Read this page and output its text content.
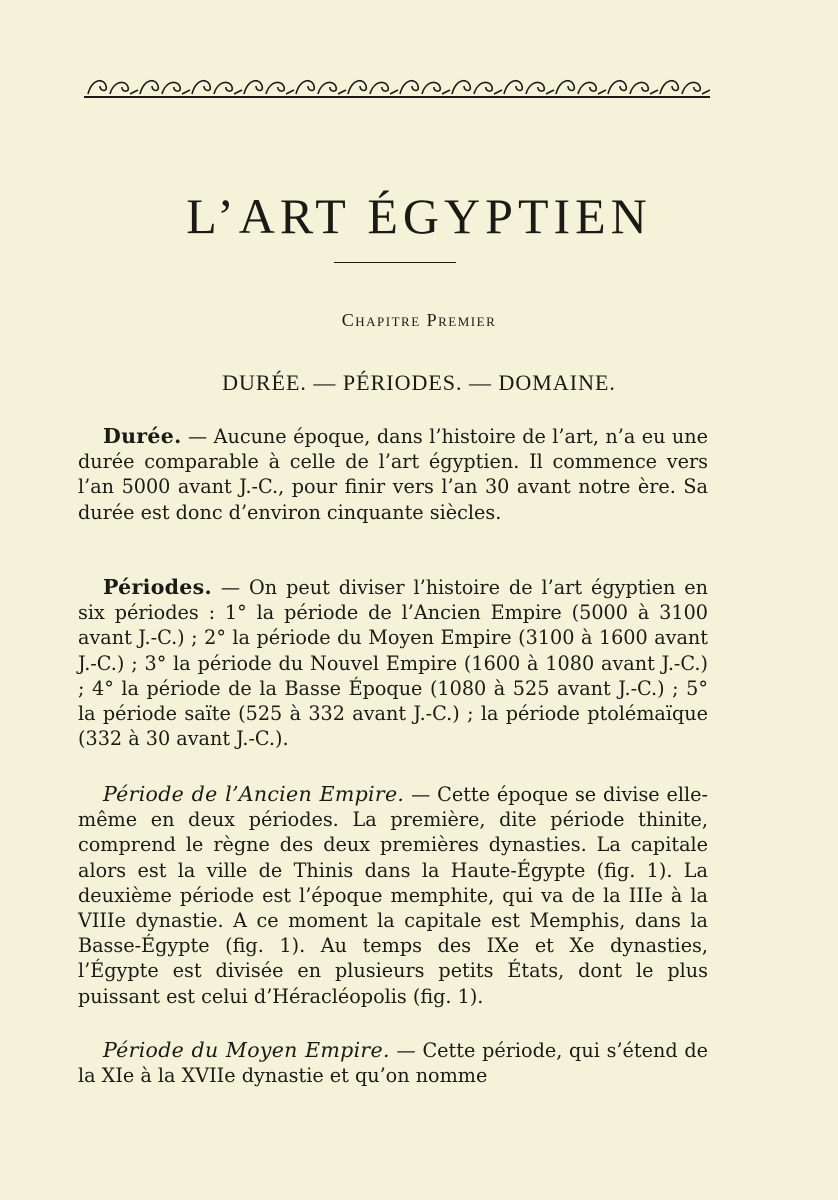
L’ART ÉGYPTIEN
Chapitre Premier
DURÉE. — PÉRIODES. — DOMAINE.

Durée. — Aucune époque, dans l’histoire de l’art, n’a eu une durée comparable à celle de l’art égyptien. Il commence vers l’an 5000 avant J.-C., pour finir vers l’an 30 avant notre ère. Sa durée est donc d’environ cinquante siècles.

Périodes. — On peut diviser l’histoire de l’art égyptien en six périodes : 1° la période de l’Ancien Empire (5000 à 3100 avant J.-C.) ; 2° la période du Moyen Empire (3100 à 1600 avant J.-C.) ; 3° la période du Nouvel Empire (1600 à 1080 avant J.-C.) ; 4° la période de la Basse Époque (1080 à 525 avant J.-C.) ; 5° la période saïte (525 à 332 avant J.-C.) ; la période ptolémaïque (332 à 30 avant J.-C.).

Période de l’Ancien Empire. — Cette époque se divise elle-même en deux périodes. La première, dite période thinite, comprend le règne des deux premières dynasties. La capitale alors est la ville de Thinis dans la Haute-Égypte (fig. 1). La deuxième période est l’époque memphite, qui va de la IIIe à la VIIIe dynastie. A ce moment la capitale est Memphis, dans la Basse-Égypte (fig. 1). Au temps des IXe et Xe dynasties, l’Égypte est divisée en plusieurs petits États, dont le plus puissant est celui d’Héracléopolis (fig. 1).

Période du Moyen Empire. — Cette période, qui s’étend de la XIe à la XVIIe dynastie et qu’on nomme
